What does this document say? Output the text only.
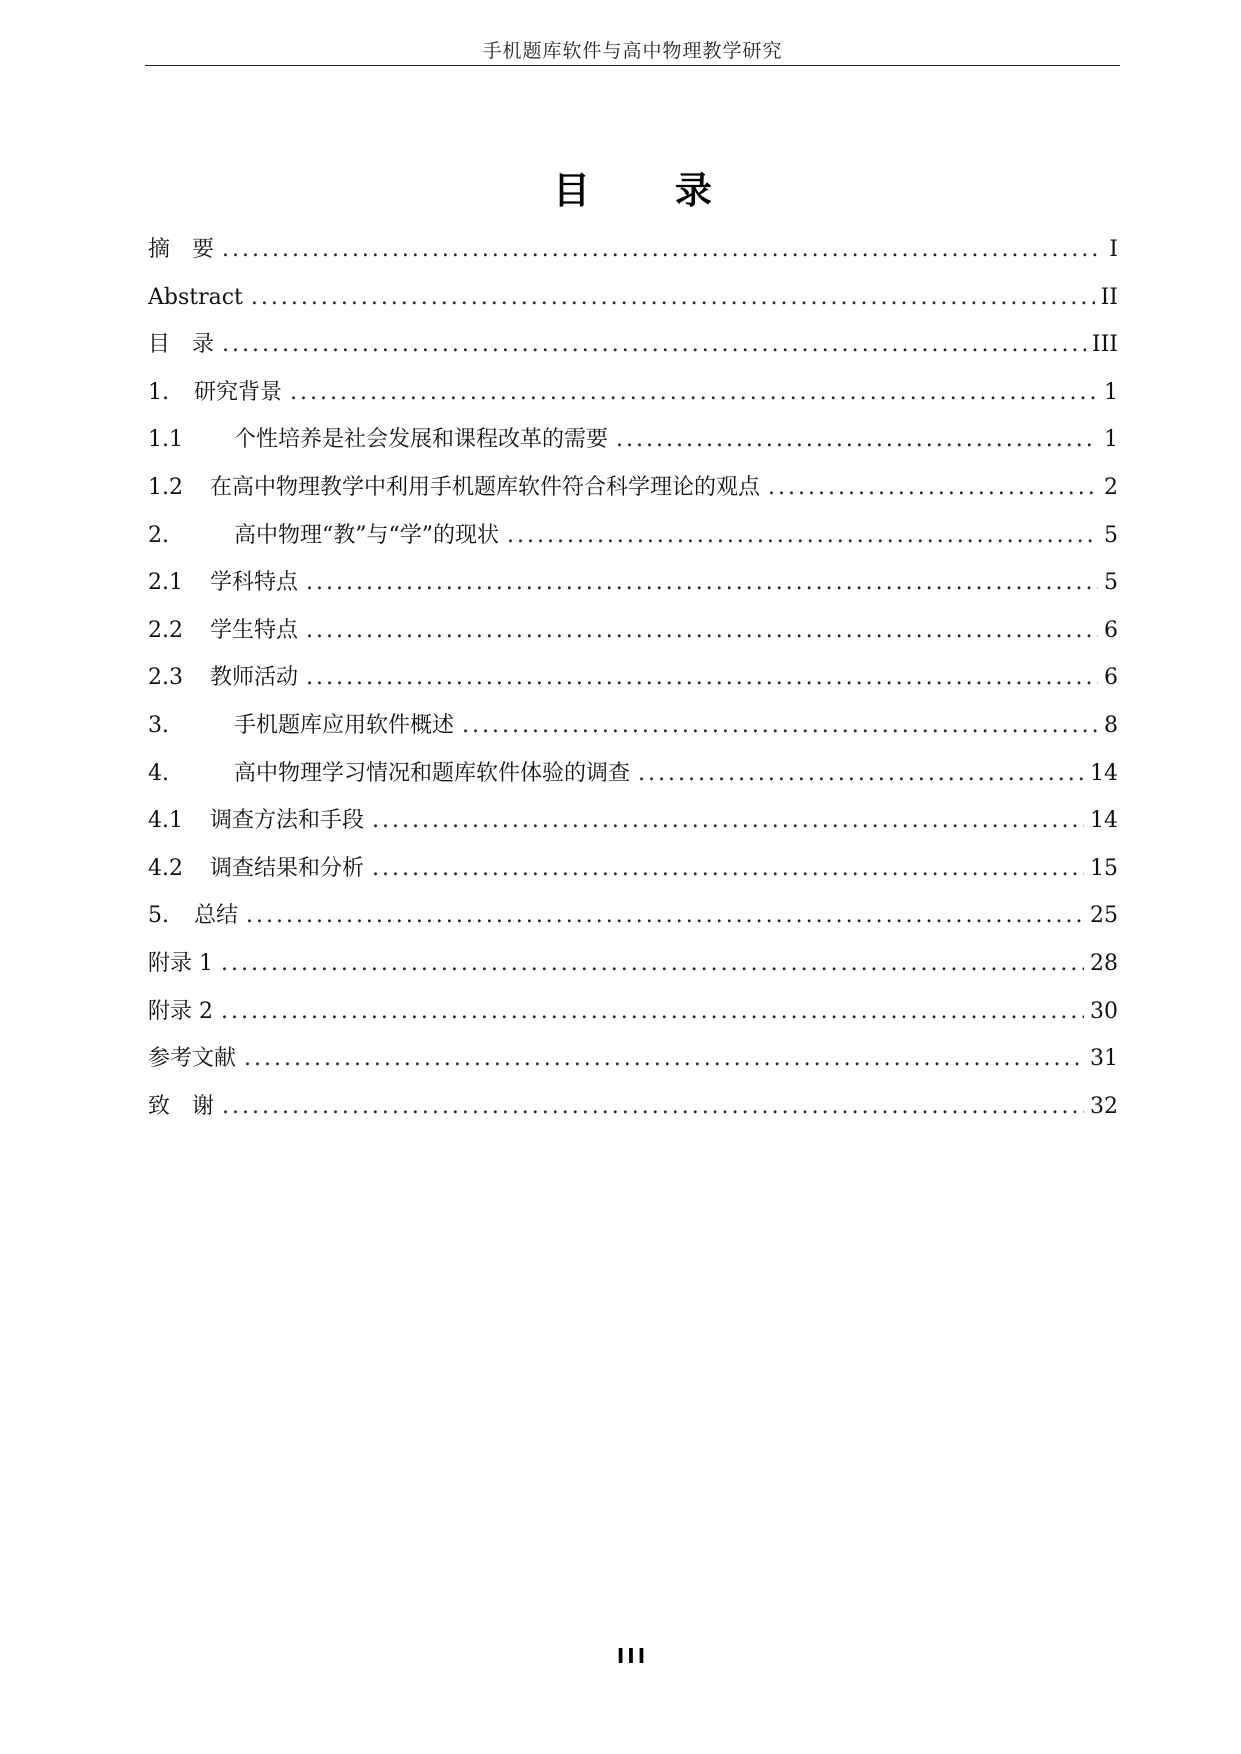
手机题库软件与高中物理教学研究
目 录
摘　要 .....	I
Abstract .....	II
目　录 .....	III
1.	研究背景 .....	1
1.1	个性培养是社会发展和课程改革的需要 .....	1
1.2	在高中物理教学中利用手机题库软件符合科学理论的观点 .....	2
2.	高中物理“教”与“学”的现状 .....	5
2.1	学科特点 .....	5
2.2	学生特点 .....	6
2.3	教师活动 .....	6
3.	手机题库应用软件概述 .....	8
4.	高中物理学习情况和题库软件体验的调查 .....	14
4.1	调查方法和手段 .....	14
4.2	调查结果和分析 .....	15
5.	总结 .....	25
附录 1 .....	28
附录 2 .....	30
参考文献 .....	31
致　谢 .....	32
III
